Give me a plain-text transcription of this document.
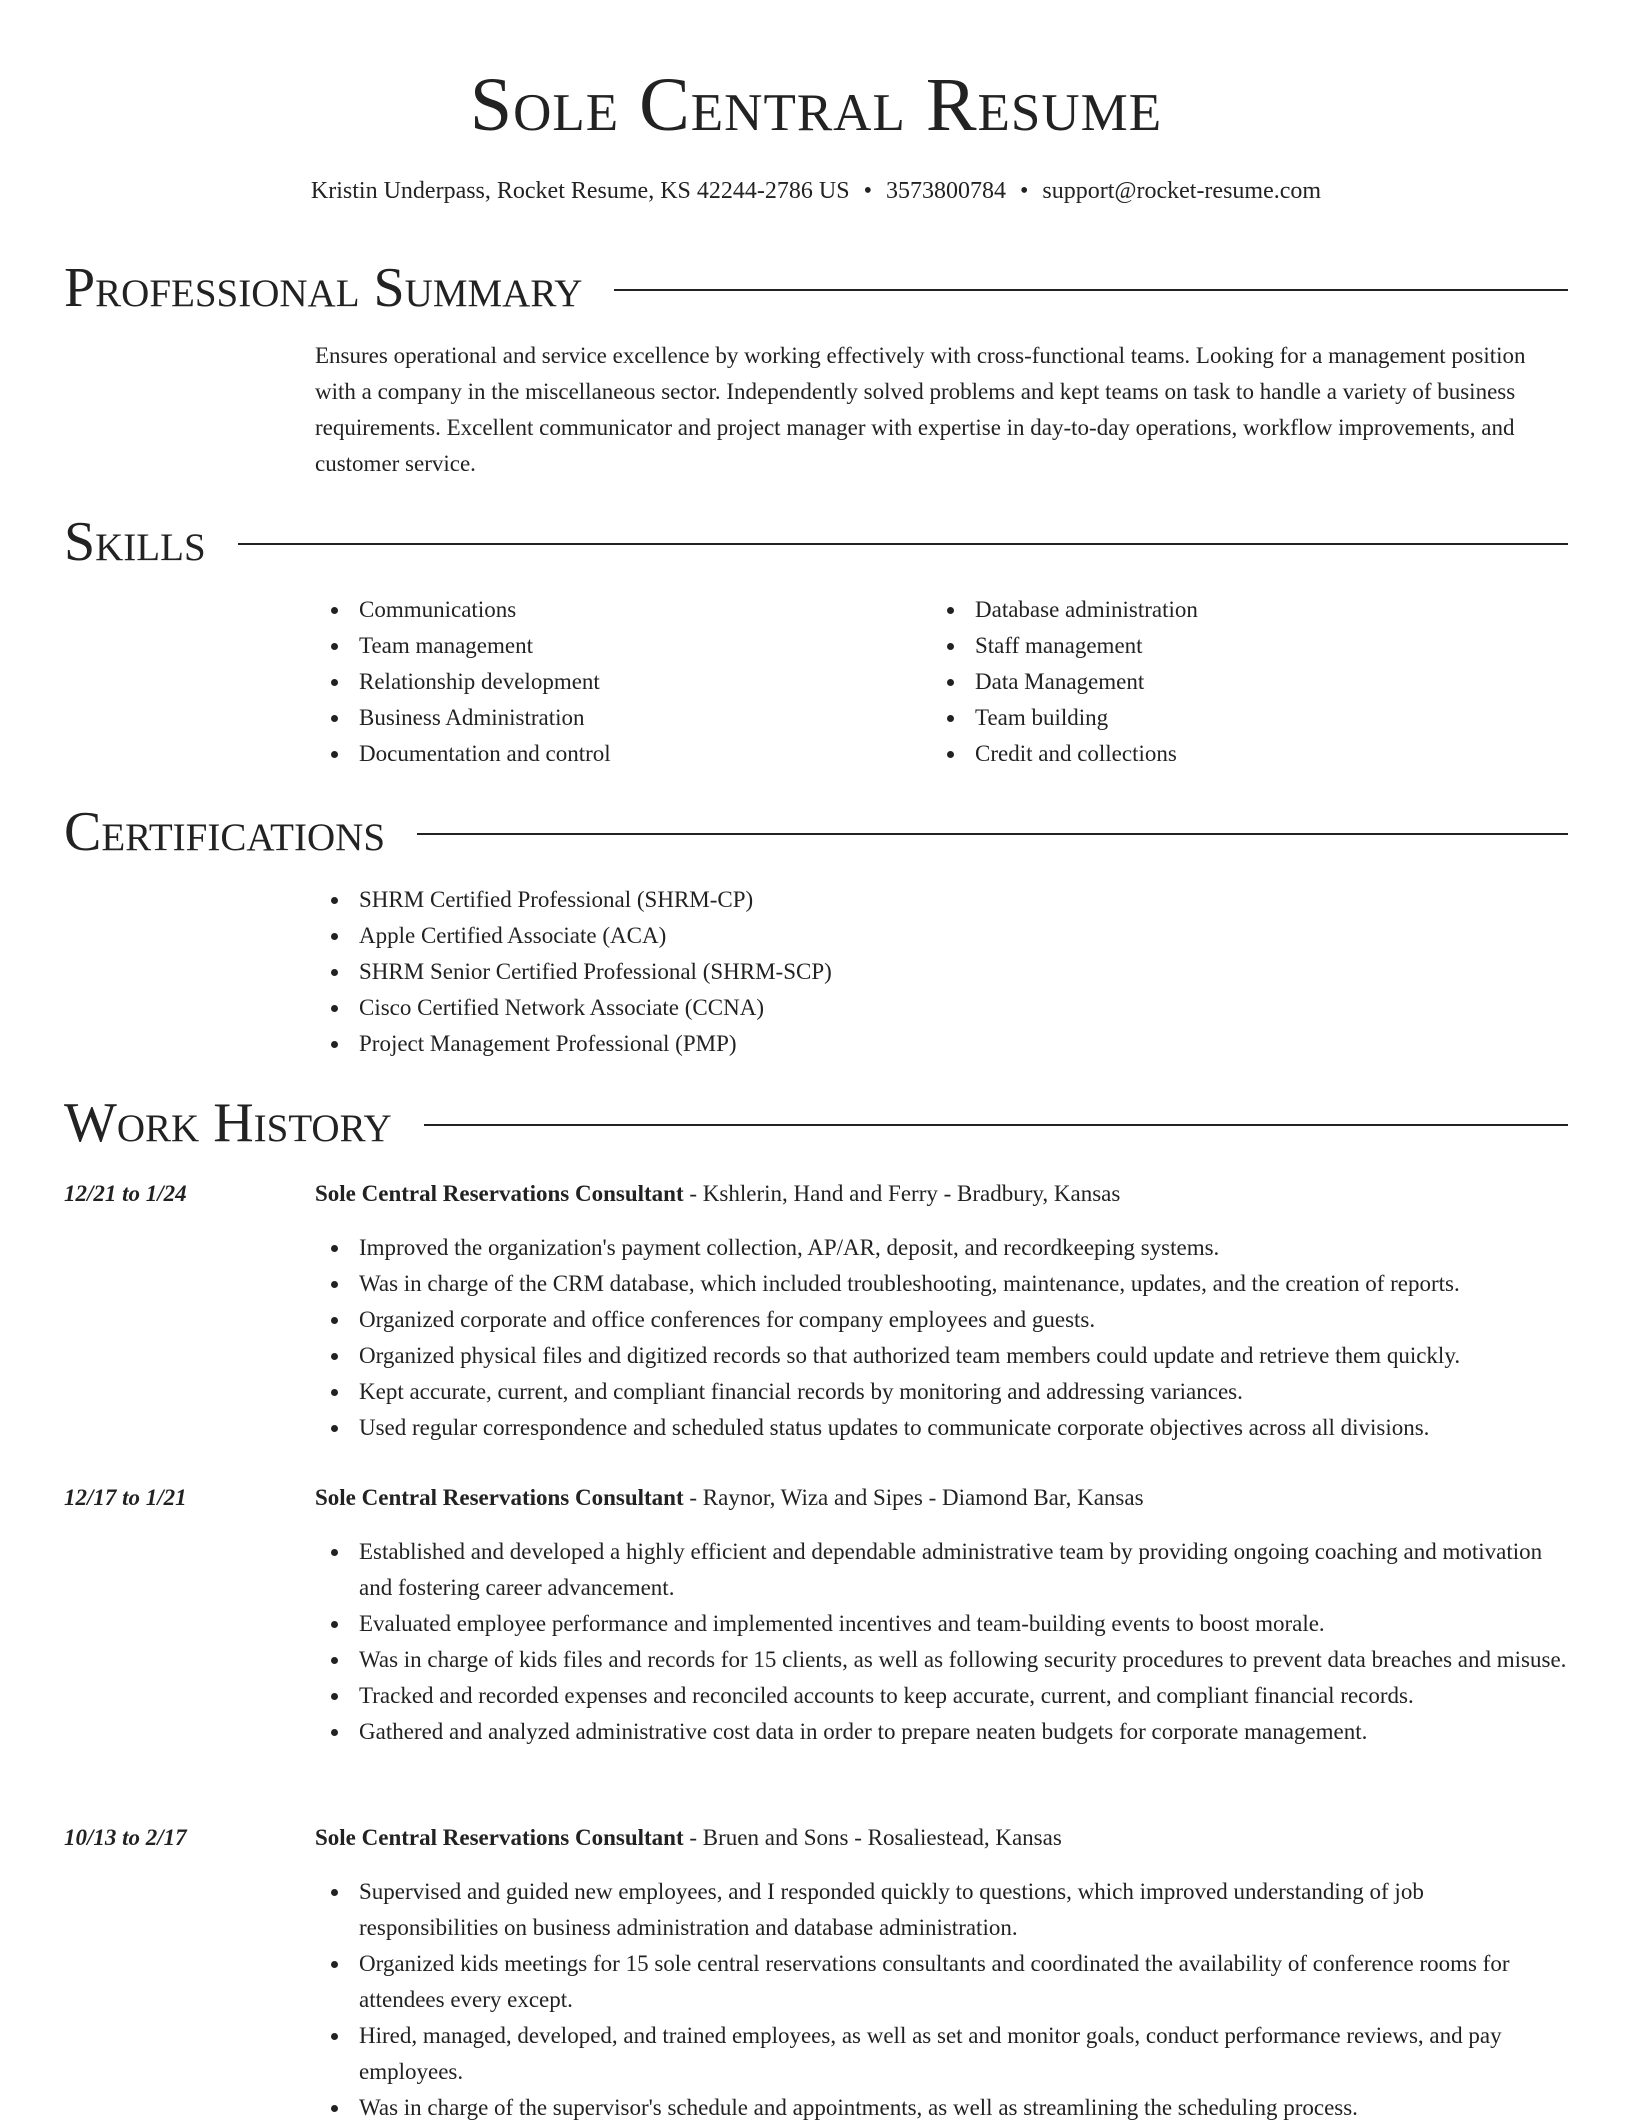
Sole Central Resume
Kristin Underpass, Rocket Resume, KS 42244-2786 US • 3573800784 • support@rocket-resume.com
Professional Summary

Ensures operational and service excellence by working effectively with cross-functional teams. Looking for a management position with a company in the miscellaneous sector. Independently solved problems and kept teams on task to handle a variety of business requirements. Excellent communicator and project manager with expertise in day-to-day operations, workflow improvements, and customer service.

Skills
Communications
Team management
Relationship development
Business Administration
Documentation and control
Database administration
Staff management
Data Management
Team building
Credit and collections
Certifications
SHRM Certified Professional (SHRM-CP)
Apple Certified Associate (ACA)
SHRM Senior Certified Professional (SHRM-SCP)
Cisco Certified Network Associate (CCNA)
Project Management Professional (PMP)
Work History
12/21 to 1/24	Sole Central Reservations Consultant - Kshlerin, Hand and Ferry - Bradbury, Kansas
Improved the organization's payment collection, AP/AR, deposit, and recordkeeping systems.
Was in charge of the CRM database, which included troubleshooting, maintenance, updates, and the creation of reports.
Organized corporate and office conferences for company employees and guests.
Organized physical files and digitized records so that authorized team members could update and retrieve them quickly.
Kept accurate, current, and compliant financial records by monitoring and addressing variances.
Used regular correspondence and scheduled status updates to communicate corporate objectives across all divisions.
12/17 to 1/21	Sole Central Reservations Consultant - Raynor, Wiza and Sipes - Diamond Bar, Kansas
Established and developed a highly efficient and dependable administrative team by providing ongoing coaching and motivation and fostering career advancement.
Evaluated employee performance and implemented incentives and team-building events to boost morale.
Was in charge of kids files and records for 15 clients, as well as following security procedures to prevent data breaches and misuse.
Tracked and recorded expenses and reconciled accounts to keep accurate, current, and compliant financial records.
Gathered and analyzed administrative cost data in order to prepare neaten budgets for corporate management.
10/13 to 2/17	Sole Central Reservations Consultant - Bruen and Sons - Rosaliestead, Kansas
Supervised and guided new employees, and I responded quickly to questions, which improved understanding of job responsibilities on business administration and database administration.
Organized kids meetings for 15 sole central reservations consultants and coordinated the availability of conference rooms for attendees every except.
Hired, managed, developed, and trained employees, as well as set and monitor goals, conduct performance reviews, and pay employees.
Was in charge of the supervisor's schedule and appointments, as well as streamlining the scheduling process.
